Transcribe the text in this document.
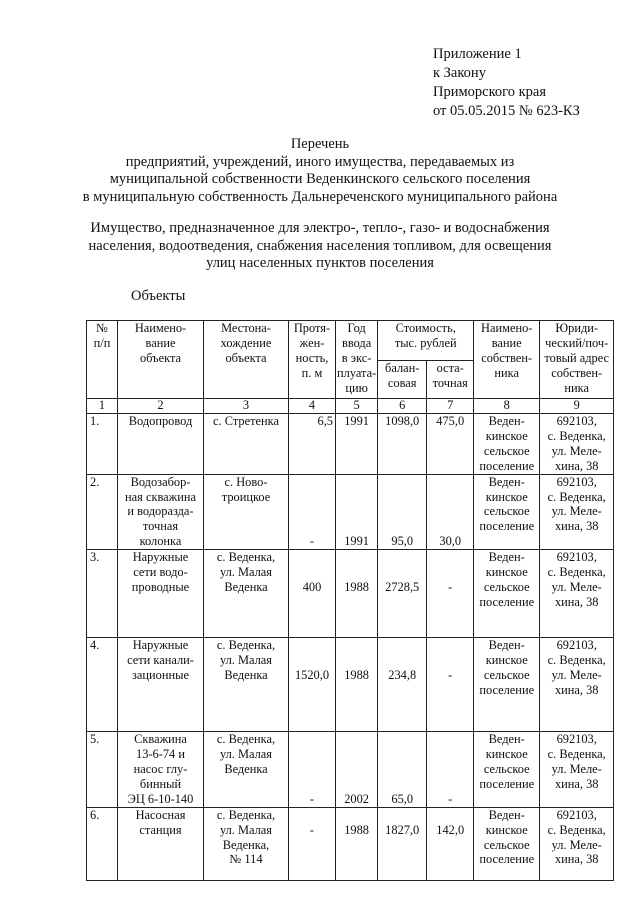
Приложение 1
к Закону
Приморского края
от 05.05.2015 № 623-КЗ
Перечень
предприятий, учреждений, иного имущества, передаваемых из
муниципальной собственности Веденкинского сельского поселения
в муниципальную собственность Дальнереченского муниципального района
Имущество, предназначенное для электро-, тепло-, газо- и водоснабжения
населения, водоотведения, снабжения населения топливом, для освещения
улиц населенных пунктов поселения
Объекты
№
п/п	Наимено-
вание
объекта	Местона-
хождение
объекта	Протя-
жен-
ность,
п. м	Год
ввода
в экс-
плуата-
цию	Стоимость,
тыс. рублей		Наимено-
вание
собствен-
ника	Юриди-
ческий/поч-
товый адрес
собствен-
ника
					балан-
совая	оста-
точная		
1	2	3	4	5	6	7	8	9
1.	Водопровод	с. Стретенка	6,5	1991	1098,0	475,0	Веден-
кинское
сельское
поселение	692103,
с. Веденка,
ул. Меле-
хина, 38
2.	Водозабор-
ная скважина
и водоразда-
точная
колонка	с. Ново-
троицкое	-	1991	95,0	30,0	Веден-
кинское
сельское
поселение	692103,
с. Веденка,
ул. Меле-
хина, 38
3.	Наружные
сети водо-
проводные	с. Веденка,
ул. Малая
Веденка	400	1988	2728,5	-	Веден-
кинское
сельское
поселение	692103,
с. Веденка,
ул. Меле-
хина, 38
4.	Наружные
сети канали-
зационные	с. Веденка,
ул. Малая
Веденка	1520,0	1988	234,8	-	Веден-
кинское
сельское
поселение	692103,
с. Веденка,
ул. Меле-
хина, 38
5.	Скважина
13-6-74 и
насос глу-
бинный
ЭЦ 6-10-140	с. Веденка,
ул. Малая
Веденка	-	2002	65,0	-	Веден-
кинское
сельское
поселение	692103,
с. Веденка,
ул. Меле-
хина, 38
6.	Насосная
станция	с. Веденка,
ул. Малая
Веденка,
№ 114	-	1988	1827,0	142,0	Веден-
кинское
сельское
поселение	692103,
с. Веденка,
ул. Меле-
хина, 38
